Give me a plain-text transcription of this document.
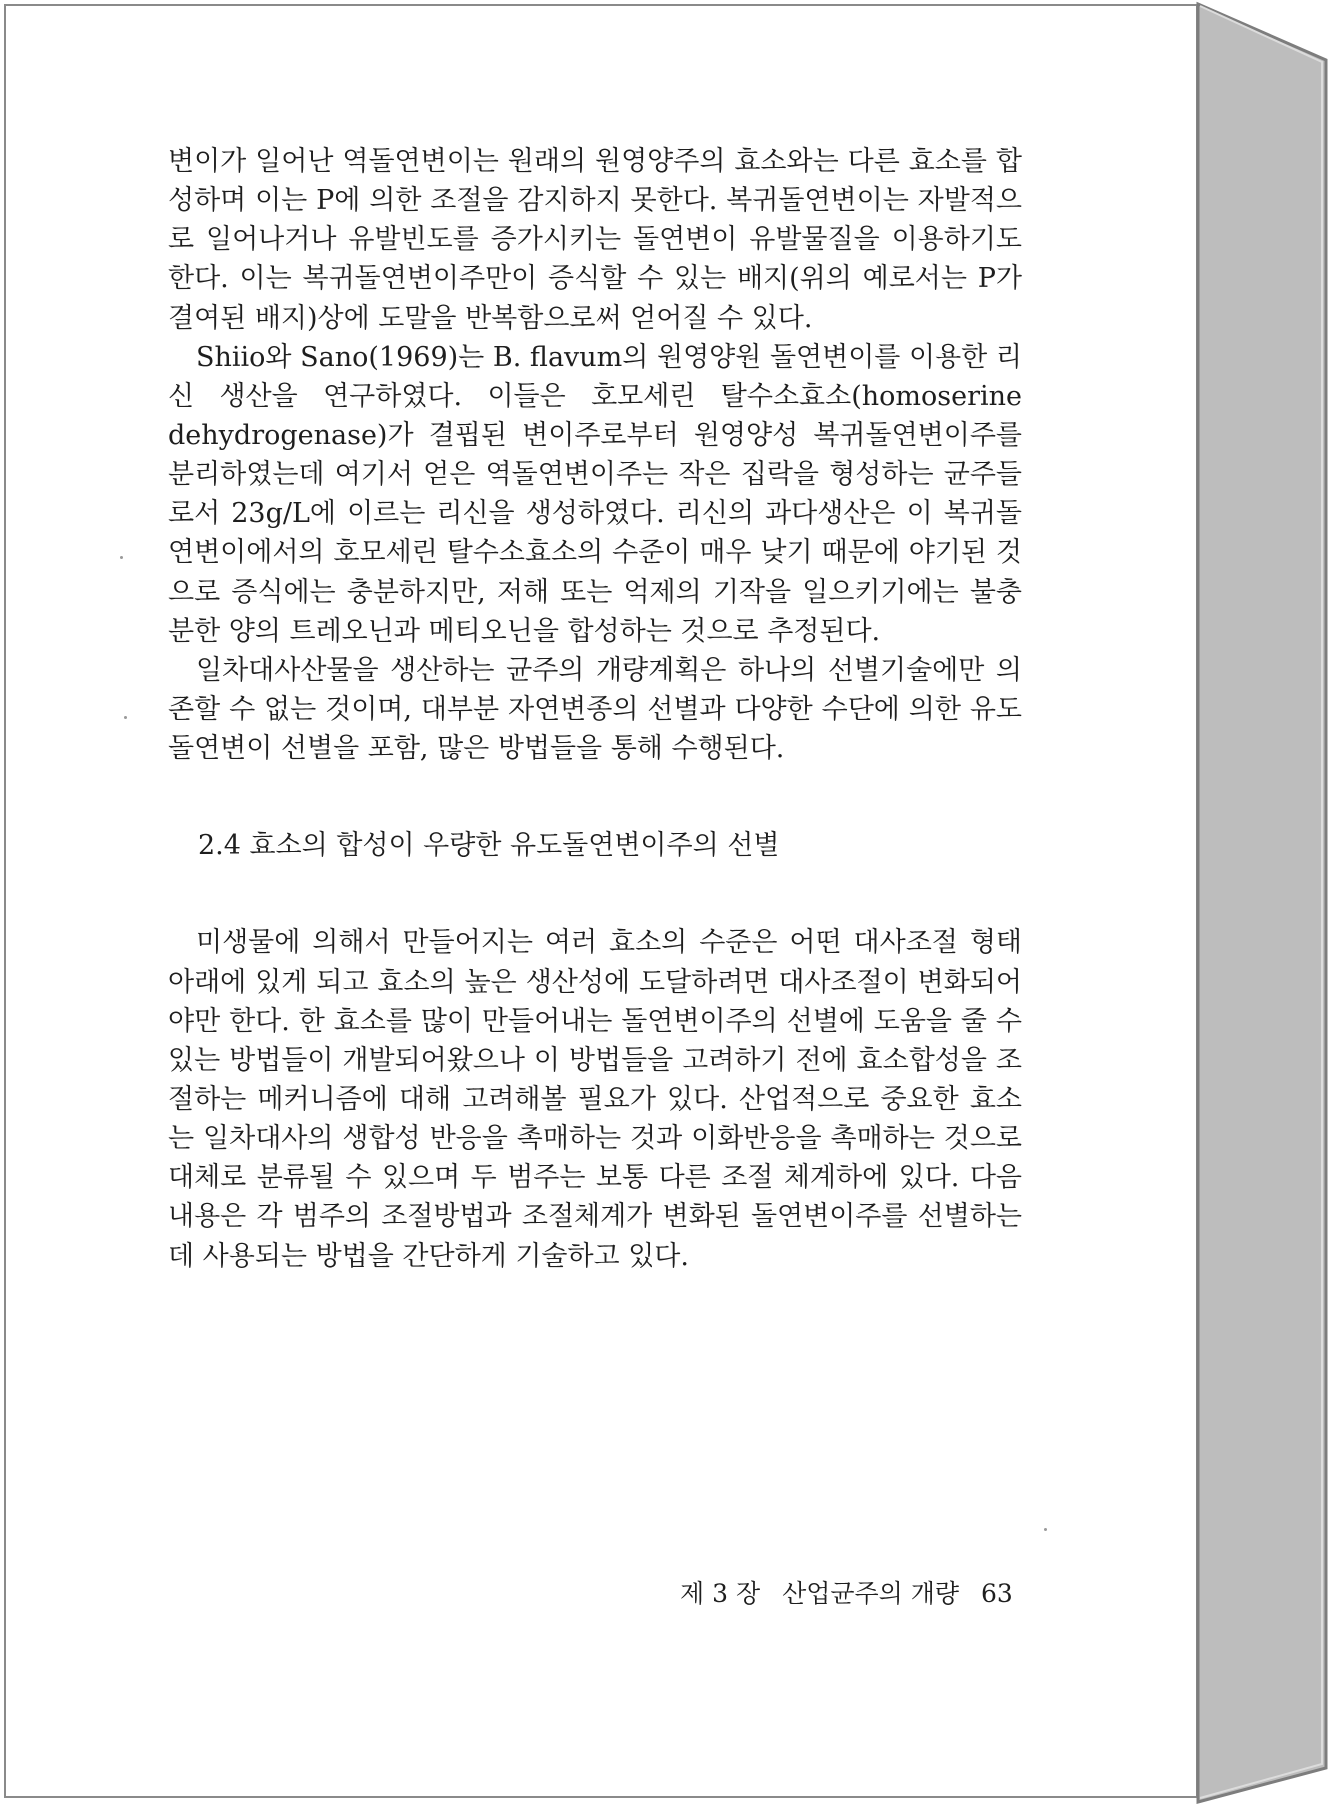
변이가 일어난 역돌연변이는 원래의 원영양주의 효소와는 다른 효소를 합성하며 이는 P에 의한 조절을 감지하지 못한다. 복귀돌연변이는 자발적으로 일어나거나 유발빈도를 증가시키는 돌연변이 유발물질을 이용하기도 한다. 이는 복귀돌연변이주만이 증식할 수 있는 배지(위의 예로서는 P가 결여된 배지)상에 도말을 반복함으로써 얻어질 수 있다.

Shiio와 Sano(1969)는 B. flavum의 원영양원 돌연변이를 이용한 리신 생산을 연구하였다. 이들은 호모세린 탈수소효소(homoserine dehydrogenase)가 결핍된 변이주로부터 원영양성 복귀돌연변이주를 분리하였는데 여기서 얻은 역돌연변이주는 작은 집락을 형성하는 균주들로서 23g/L에 이르는 리신을 생성하였다. 리신의 과다생산은 이 복귀돌연변이에서의 호모세린 탈수소효소의 수준이 매우 낮기 때문에 야기된 것으로 증식에는 충분하지만, 저해 또는 억제의 기작을 일으키기에는 불충분한 양의 트레오닌과 메티오닌을 합성하는 것으로 추정된다.

일차대사산물을 생산하는 균주의 개량계획은 하나의 선별기술에만 의존할 수 없는 것이며, 대부분 자연변종의 선별과 다양한 수단에 의한 유도돌연변이 선별을 포함, 많은 방법들을 통해 수행된다.

2.4 효소의 합성이 우량한 유도돌연변이주의 선별

미생물에 의해서 만들어지는 여러 효소의 수준은 어떤 대사조절 형태 아래에 있게 되고 효소의 높은 생산성에 도달하려면 대사조절이 변화되어야만 한다. 한 효소를 많이 만들어내는 돌연변이주의 선별에 도움을 줄 수 있는 방법들이 개발되어왔으나 이 방법들을 고려하기 전에 효소합성을 조절하는 메커니즘에 대해 고려해볼 필요가 있다. 산업적으로 중요한 효소는 일차대사의 생합성 반응을 촉매하는 것과 이화반응을 촉매하는 것으로 대체로 분류될 수 있으며 두 범주는 보통 다른 조절 체계하에 있다. 다음 내용은 각 범주의 조절방법과 조절체계가 변화된 돌연변이주를 선별하는 데 사용되는 방법을 간단하게 기술하고 있다.

제 3 장 산업균주의 개량 63
